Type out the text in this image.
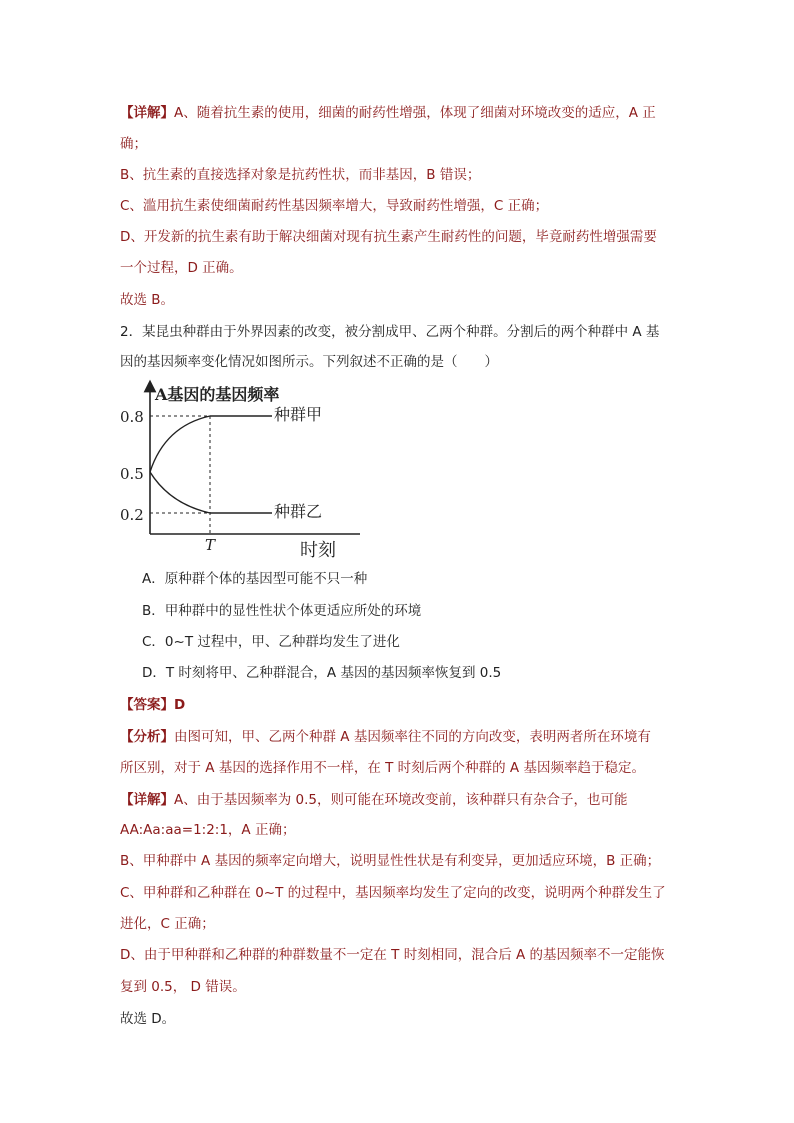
【详解】A、随着抗生素的使用，细菌的耐药性增强，体现了细菌对环境改变的适应，A 正
确；
B、抗生素的直接选择对象是抗药性状，而非基因，B 错误；
C、滥用抗生素使细菌耐药性基因频率增大，导致耐药性增强，C 正确；
D、开发新的抗生素有助于解决细菌对现有抗生素产生耐药性的问题，毕竟耐药性增强需要
一个过程，D 正确。
故选 B。
2．某昆虫种群由于外界因素的改变，被分割成甲、乙两个种群。分割后的两个种群中 A 基
因的基因频率变化情况如图所示。下列叙述不正确的是（　　）
A基因的基因频率
时刻
T
0.8
0.5
0.2
种群甲
种群乙
A．原种群个体的基因型可能不只一种
B．甲种群中的显性性状个体更适应所处的环境
C．0~T 过程中，甲、乙种群均发生了进化
D．T 时刻将甲、乙种群混合，A 基因的基因频率恢复到 0.5
【答案】D
【分析】由图可知，甲、乙两个种群 A 基因频率往不同的方向改变，表明两者所在环境有
所区别，对于 A 基因的选择作用不一样，在 T 时刻后两个种群的 A 基因频率趋于稳定。
【详解】A、由于基因频率为 0.5，则可能在环境改变前，该种群只有杂合子，也可能
AA:Aa:aa=1:2:1，A 正确；
B、甲种群中 A 基因的频率定向增大，说明显性性状是有利变异，更加适应环境，B 正确；
C、甲种群和乙种群在 0~T 的过程中，基因频率均发生了定向的改变，说明两个种群发生了
进化，C 正确；
D、由于甲种群和乙种群的种群数量不一定在 T 时刻相同，混合后 A 的基因频率不一定能恢
复到 0.5， D 错误。
故选 D。
